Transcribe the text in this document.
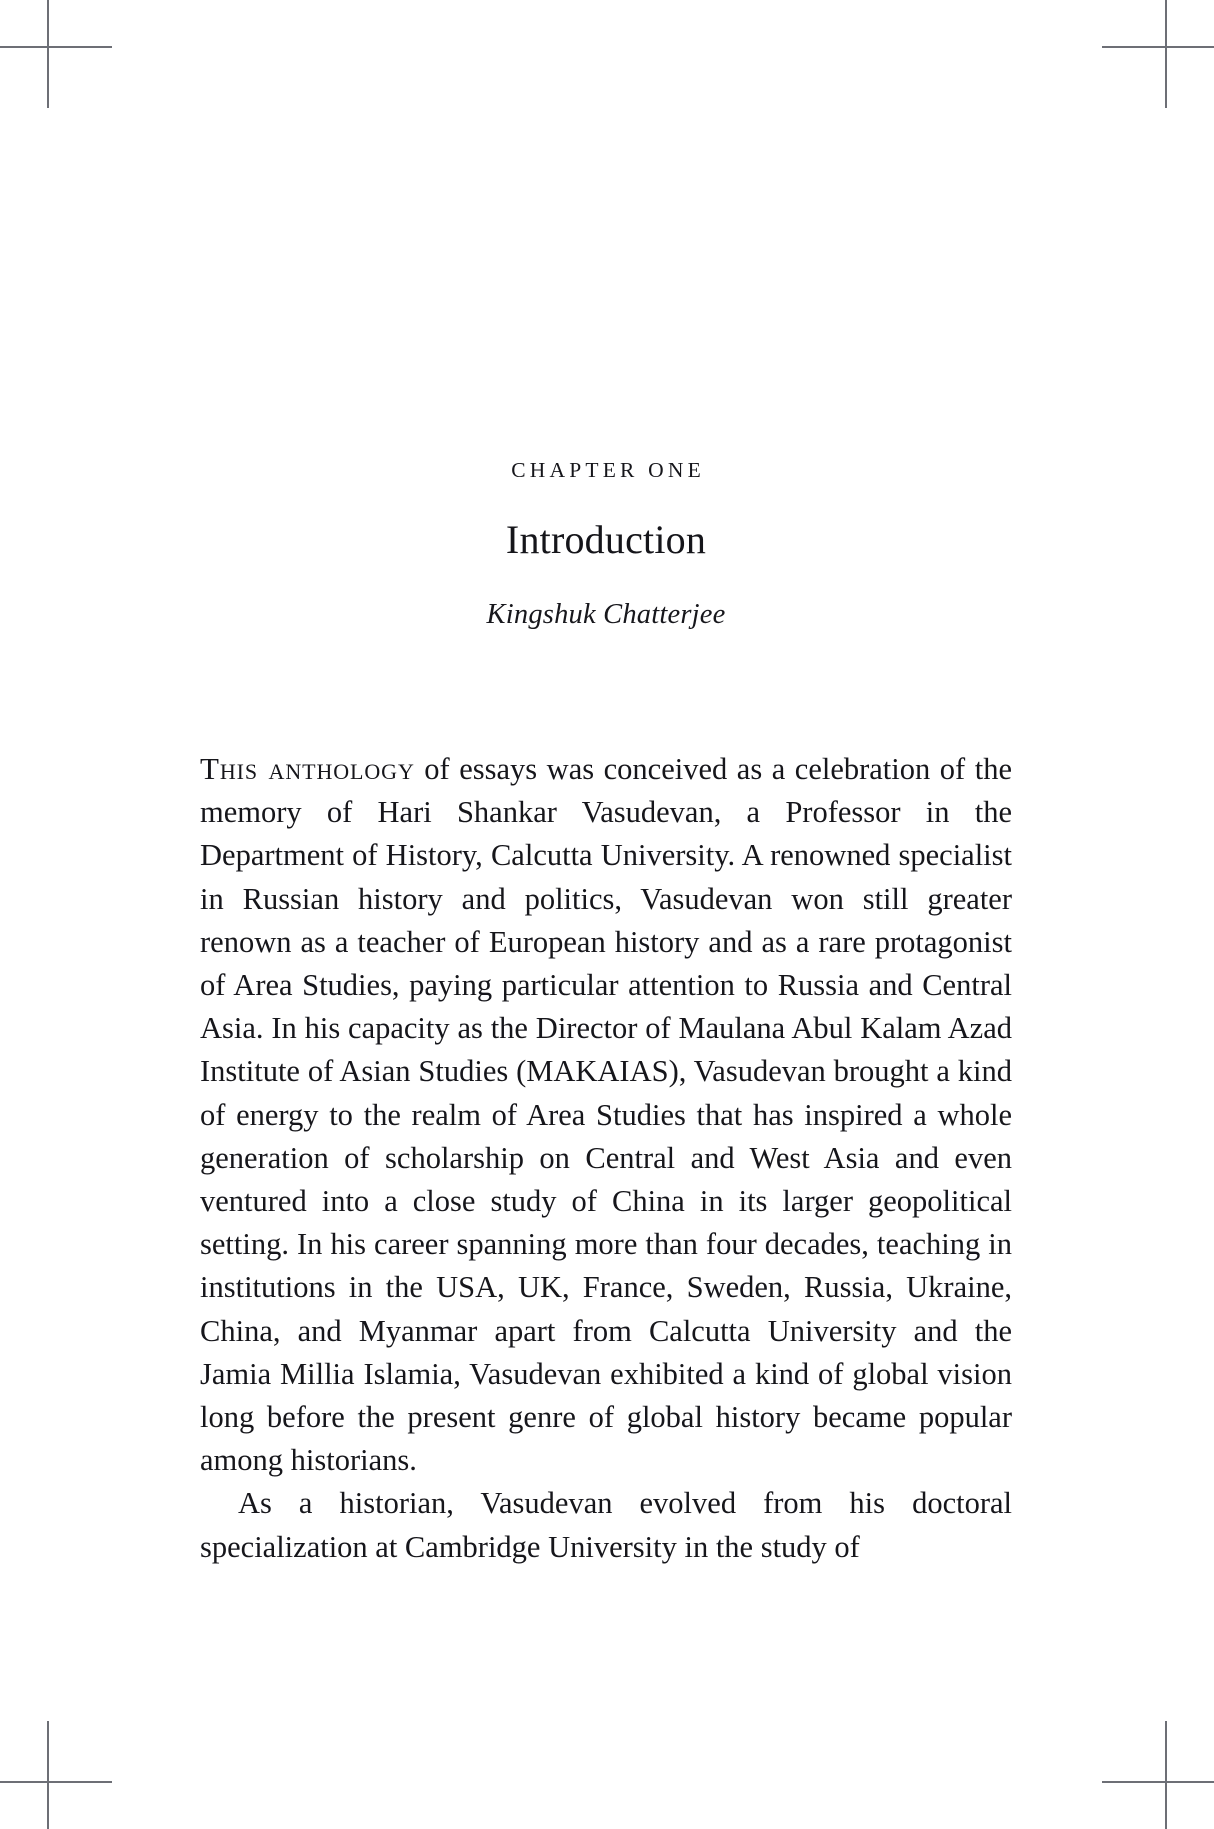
CHAPTER ONE

Introduction

Kingshuk Chatterjee

This anthology of essays was conceived as a celebration of the memory of Hari Shankar Vasudevan, a Professor in the Department of History, Calcutta University. A renowned specialist in Russian history and politics, Vasudevan won still greater renown as a teacher of European history and as a rare protagonist of Area Studies, paying particular attention to Russia and Central Asia. In his capacity as the Director of Maulana Abul Kalam Azad Institute of Asian Studies (MAKAIAS), Vasudevan brought a kind of energy to the realm of Area Studies that has inspired a whole generation of scholarship on Central and West Asia and even ventured into a close study of China in its larger geopolitical setting. In his career spanning more than four decades, teaching in institutions in the USA, UK, France, Sweden, Russia, Ukraine, China, and Myanmar apart from Calcutta University and the Jamia Millia Islamia, Vasudevan exhibited a kind of global vision long before the present genre of global history became popular among historians.

As a historian, Vasudevan evolved from his doctoral specialization at Cambridge University in the study of
